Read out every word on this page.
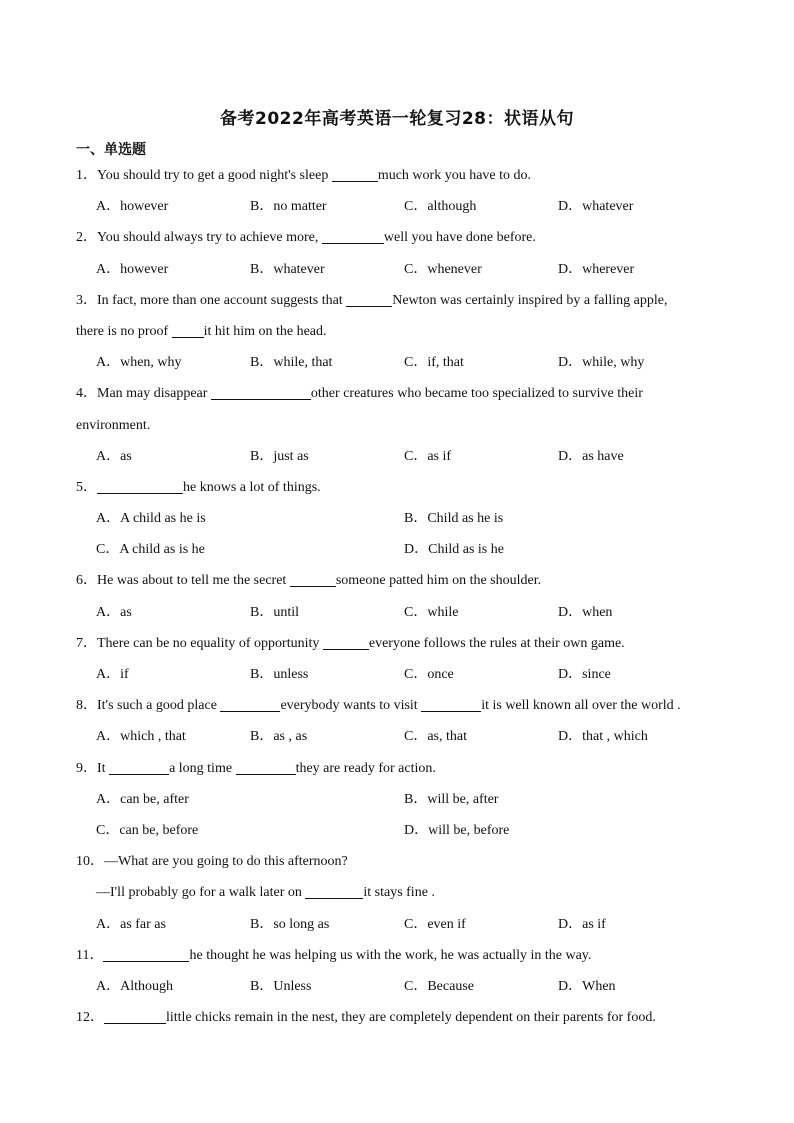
备考2022年高考英语一轮复习28：状语从句
一、单选题
1．You should try to get a good night's sleep	much work you have to do.
A．however	B．no matter	C．although	D．whatever
2．You should always try to achieve more,	well you have done before.
A．however	B．whatever	C．whenever	D．wherever
3．In fact, more than one account suggests that	Newton was certainly inspired by a falling apple,
there is no proof it hit him on the head.
A．when, why	B．while, that	C．if, that	D．while, why
4．Man may disappear	other creatures who became too specialized to survive their
environment.
A．as	B．just as	C．as if	D．as have
5．	he knows a lot of things.
A．A child as he is	B．Child as he is
C．A child as is he	D．Child as is he
6．He was about to tell me the secret	someone patted him on the shoulder.
A．as	B．until	C．while	D．when
7．There can be no equality of opportunity	everyone follows the rules at their own game.
A．if	B．unless	C．once	D．since
8．It's such a good place	everybody wants to visit	it is well known all over the world .
A．which , that	B．as , as	C．as, that	D．that , which
9．It	a long time	they are ready for action.
A．can be, after	B．will be, after
C．can be, before	D．will be, before
10．—What are you going to do this afternoon?
—I'll probably go for a walk later on	it stays fine .
A．as far as	B．so long as	C．even if	D．as if
11．	he thought he was helping us with the work, he was actually in the way.
A．Although	B．Unless	C．Because	D．When
12．	little chicks remain in the nest, they are completely dependent on their parents for food.
